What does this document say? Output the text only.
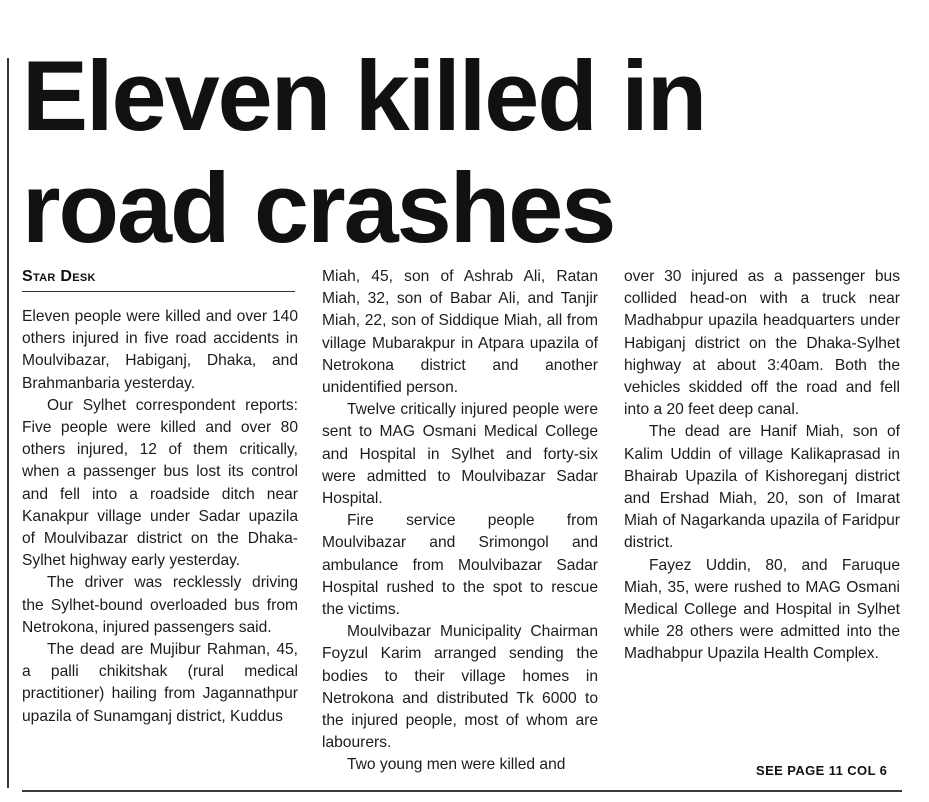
Eleven killed in road crashes
Star Desk

Eleven people were killed and over 140 others injured in five road accidents in Moulvibazar, Habiganj, Dhaka, and Brahmanbaria yesterday.

Our Sylhet correspondent reports: Five people were killed and over 80 others injured, 12 of them critically, when a passenger bus lost its control and fell into a roadside ditch near Kanakpur village under Sadar upazila of Moulvibazar district on the Dhaka-Sylhet highway early yesterday.

The driver was recklessly driving the Sylhet-bound overloaded bus from Netrokona, injured passengers said.

The dead are Mujibur Rahman, 45, a palli chikitshak (rural medical practitioner) hailing from Jagannathpur upazila of Sunamganj district, Kuddus

Miah, 45, son of Ashrab Ali, Ratan Miah, 32, son of Babar Ali, and Tanjir Miah, 22, son of Siddique Miah, all from village Mubarakpur in Atpara upazila of Netrokona district and another unidentified person.

Twelve critically injured people were sent to MAG Osmani Medical College and Hospital in Sylhet and forty-six were admitted to Moulvibazar Sadar Hospital.

Fire service people from Moulvibazar and Srimongol and ambulance from Moulvibazar Sadar Hospital rushed to the spot to rescue the victims.

Moulvibazar Municipality Chairman Foyzul Karim arranged sending the bodies to their village homes in Netrokona and distributed Tk 6000 to the injured people, most of whom are labourers.

Two young men were killed and

over 30 injured as a passenger bus collided head-on with a truck near Madhabpur upazila headquarters under Habiganj district on the Dhaka-Sylhet highway at about 3:40am. Both the vehicles skidded off the road and fell into a 20 feet deep canal.

The dead are Hanif Miah, son of Kalim Uddin of village Kalikaprasad in Bhairab Upazila of Kishoreganj district and Ershad Miah, 20, son of Imarat Miah of Nagarkanda upazila of Faridpur district.

Fayez Uddin, 80, and Faruque Miah, 35, were rushed to MAG Osmani Medical College and Hospital in Sylhet while 28 others were admitted into the Madhabpur Upazila Health Complex.

SEE PAGE 11 COL 6
